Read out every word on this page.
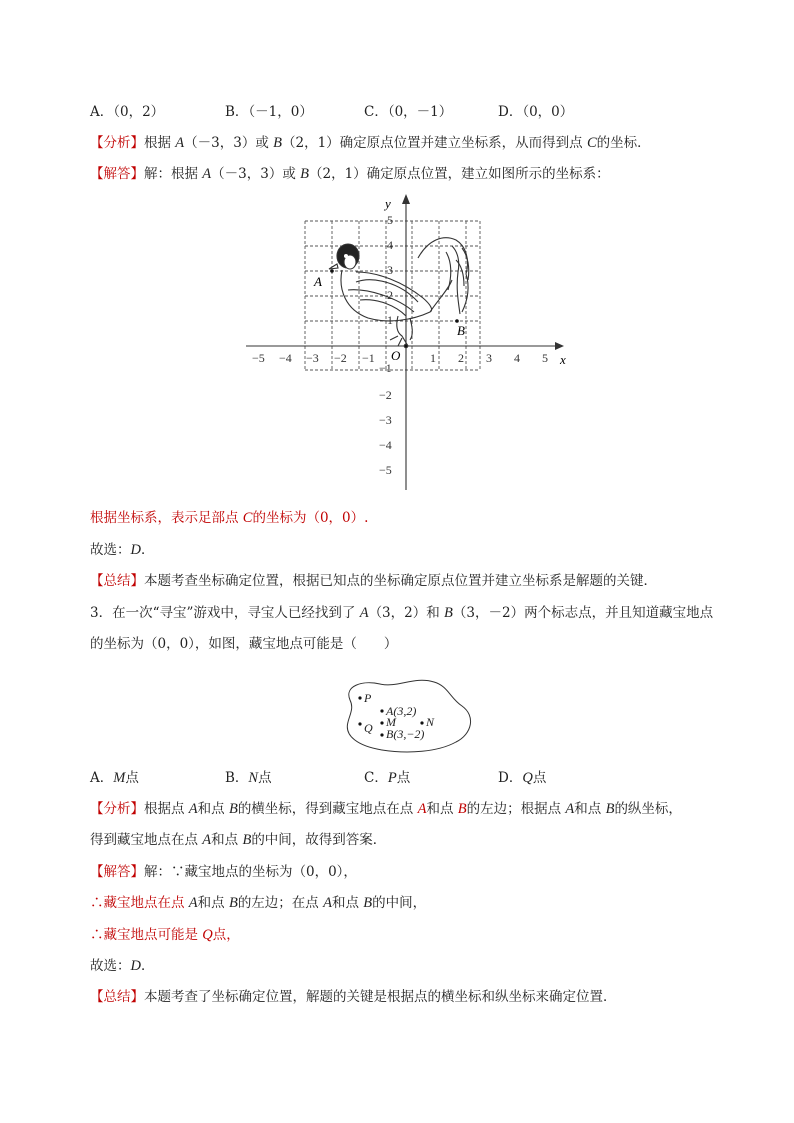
A．（0，2）	B．（－1，0）	C．（0，－1）	D．（0，0）
【分析】根据 A（－3，3）或 B（2，1）确定原点位置并建立坐标系，从而得到点 C的坐标．
【解答】解：根据 A（－3，3）或 B（2，1）确定原点位置，建立如图所示的坐标系：
x
y
O
−5 −4 −3 −2 −1	1 2 3 4 5
5
4
3
2
1
−1
−2
−3
−4
−5
A
B
根据坐标系，表示足部点 C的坐标为（0，0）.
故选：D．
【总结】本题考查坐标确定位置，根据已知点的坐标确定原点位置并建立坐标系是解题的关键．
3．在一次“寻宝”游戏中，寻宝人已经找到了 A（3，2）和 B（3，－2）两个标志点，并且知道藏宝地点
的坐标为（0，0），如图，藏宝地点可能是（　　）
P
A(3,2)
M	N
Q B(3,−2)
A．M点	B．N点	C．P点	D．Q点
【分析】根据点 A和点 B的横坐标，得到藏宝地点在点 A和点 B的左边；根据点 A和点 B的纵坐标，
得到藏宝地点在点 A和点 B的中间，故得到答案．
【解答】解：∵藏宝地点的坐标为（0，0），
∴藏宝地点在点 A和点 B的左边；在点 A和点 B的中间，
∴藏宝地点可能是 Q点，
故选：D．
【总结】本题考查了坐标确定位置，解题的关键是根据点的横坐标和纵坐标来确定位置．
